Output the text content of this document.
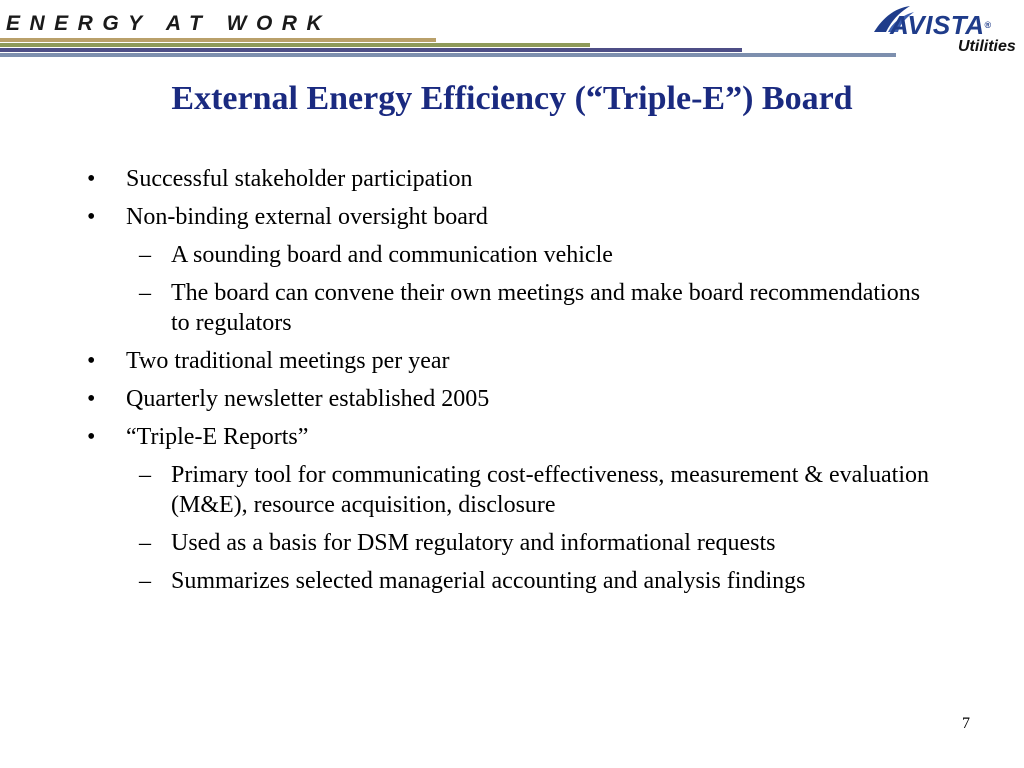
ENERGY AT WORK	AVISTA®
Utilities
External Energy Efficiency (“Triple-E”) Board
• Successful stakeholder participation
• Non-binding external oversight board
– A sounding board and communication vehicle
– The board can convene their own meetings and make board recommendations to regulators
• Two traditional meetings per year
• Quarterly newsletter established 2005
• “Triple-E Reports”
– Primary tool for communicating cost-effectiveness, measurement & evaluation (M&E), resource acquisition, disclosure
– Used as a basis for DSM regulatory and informational requests
– Summarizes selected managerial accounting and analysis findings
7
